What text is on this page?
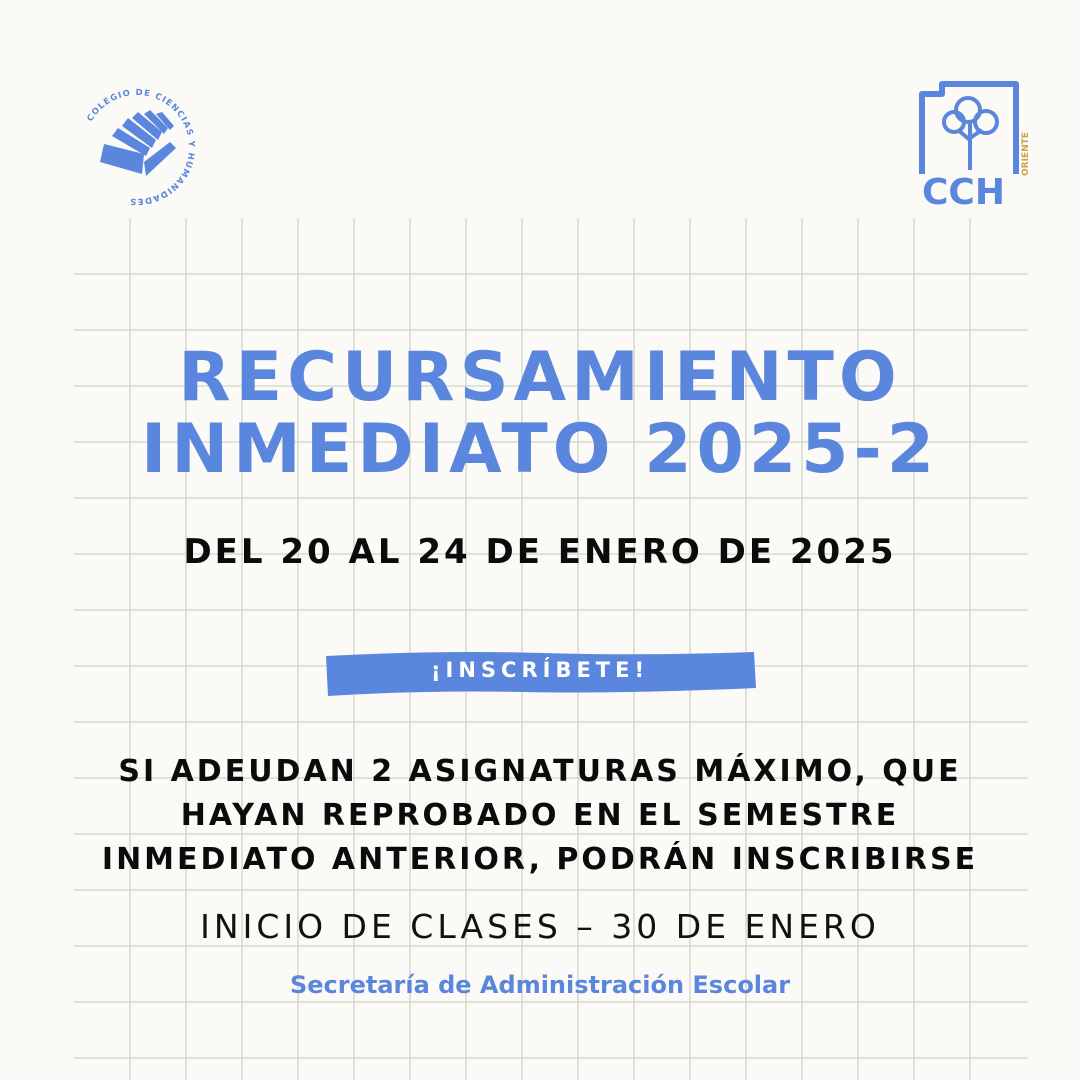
COLEGIO DE CIENCIAS Y HUMANIDADES	CCH
ORIENTE
RECURSAMIENTO
INMEDIATO 2025-2
DEL 20 AL 24 DE ENERO DE 2025
¡INSCRÍBETE!
SI ADEUDAN 2 ASIGNATURAS MÁXIMO, QUE
HAYAN REPROBADO EN EL SEMESTRE
INMEDIATO ANTERIOR, PODRÁN INSCRIBIRSE
INICIO DE CLASES – 30 DE ENERO
Secretaría de Administración Escolar
